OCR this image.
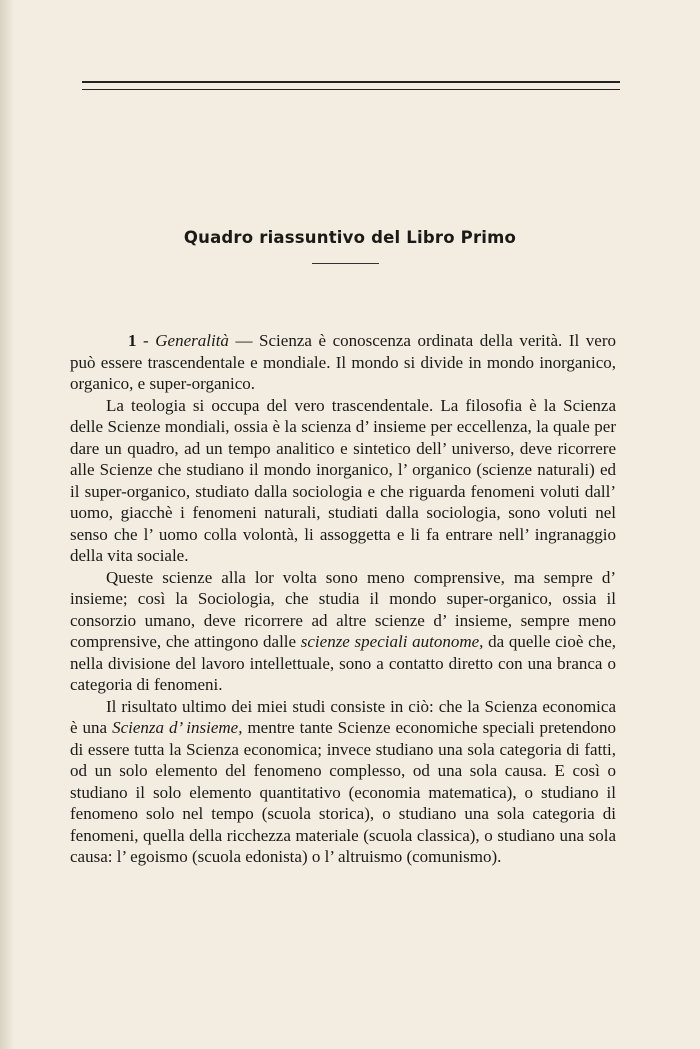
Quadro riassuntivo del Libro Primo

1 - Generalità — Scienza è conoscenza ordinata della verità. Il vero può essere trascendentale e mondiale. Il mondo si divide in mondo inorganico, organico, e super-organico.

La teologia si occupa del vero trascendentale. La filosofia è la Scienza delle Scienze mondiali, ossia è la scienza d’ insieme per eccellenza, la quale per dare un quadro, ad un tempo analitico e sintetico dell’ universo, deve ricorrere alle Scienze che studiano il mondo inorganico, l’ organico (scienze naturali) ed il super-organico, studiato dalla sociologia e che riguarda fenomeni voluti dall’ uomo, giacchè i fenomeni naturali, studiati dalla sociologia, sono voluti nel senso che l’ uomo colla volontà, li assoggetta e li fa entrare nell’ ingranaggio della vita sociale.

Queste scienze alla lor volta sono meno comprensive, ma sempre d’ insieme; così la Sociologia, che studia il mondo super-organico, ossia il consorzio umano, deve ricorrere ad altre scienze d’ insieme, sempre meno comprensive, che attingono dalle scienze speciali autonome, da quelle cioè che, nella divisione del lavoro intellettuale, sono a contatto diretto con una branca o categoria di fenomeni.

Il risultato ultimo dei miei studi consiste in ciò: che la Scienza economica è una Scienza d’ insieme, mentre tante Scienze economiche speciali pretendono di essere tutta la Scienza economica; invece studiano una sola categoria di fatti, od un solo elemento del fenomeno complesso, od una sola causa. E così o studiano il solo elemento quantitativo (economia matematica), o studiano il fenomeno solo nel tempo (scuola storica), o studiano una sola categoria di fenomeni, quella della ricchezza materiale (scuola classica), o studiano una sola causa: l’ egoismo (scuola edonista) o l’ altruismo (comunismo).
